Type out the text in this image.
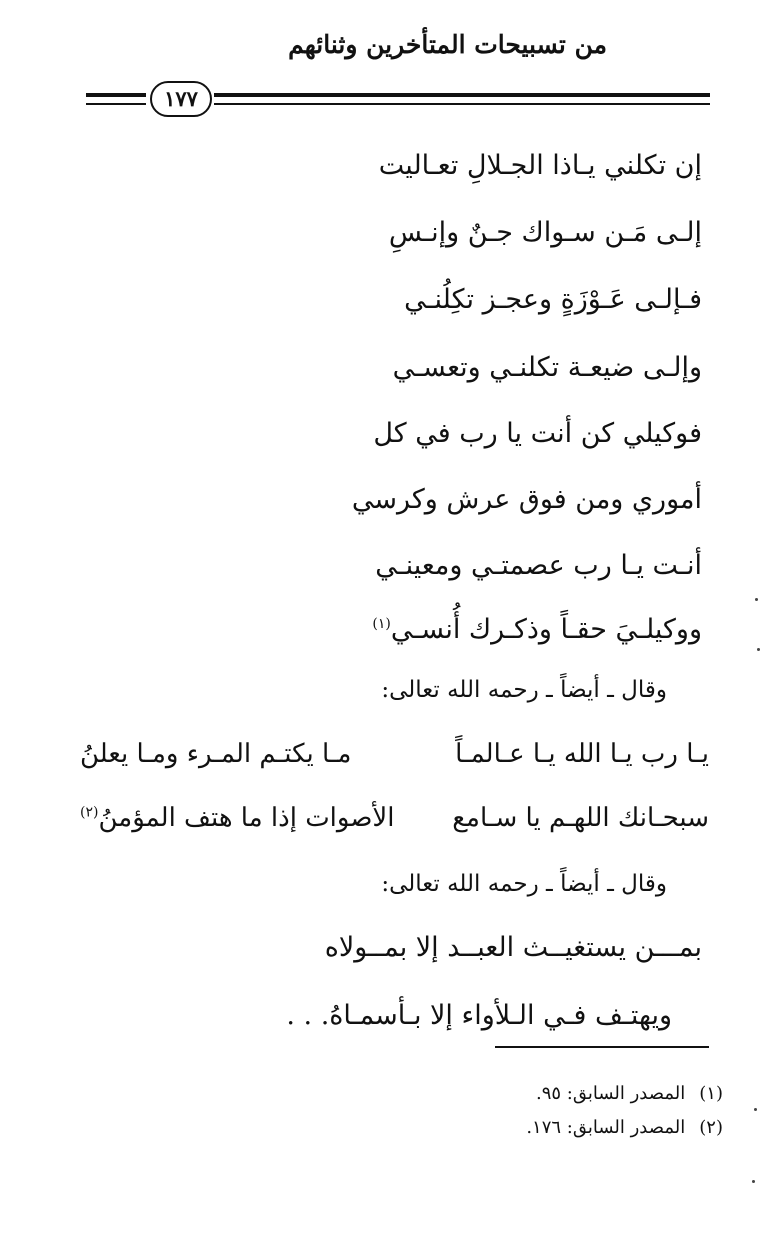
من تسبيحات المتأخرين وثنائهم
١٧٧
إن تكلني يـاذا الجـلالِ تعـاليت
إلـى مَـن سـواك جـنٌ وإنـسِ
فـإلـى عَـوْزَةٍ وعجـز تكِلُنـي
وإلـى ضيعـة تكلنـي وتعسـي
فوكيلي كن أنت يا رب في كل
أموري ومن فوق عرش وكرسي
أنـت يـا رب عصمتـي ومعينـي
ووكيلـيَ حقـاً وذكـرك أُنسـي$^{(١)}$
وقال ـ أيضاً ـ رحمه الله تعالى:
يـا رب يـا الله يـا عـالمـاً
مـا يكتـم المـرء ومـا يعلنُ
سبحـانك اللهـم يا سـامع
الأصوات إذا ما هتف المؤمنُ$^{(٢)}$
وقال ـ أيضاً ـ رحمه الله تعالى:
بمـــن يستغيــث العبــد إلا بمــولاه
ويهتـف فـي الـلأواء إلا بـأسمـاهُ. . .
(١)المصدر السابق: ٩٥.
(٢)المصدر السابق: ١٧٦.
